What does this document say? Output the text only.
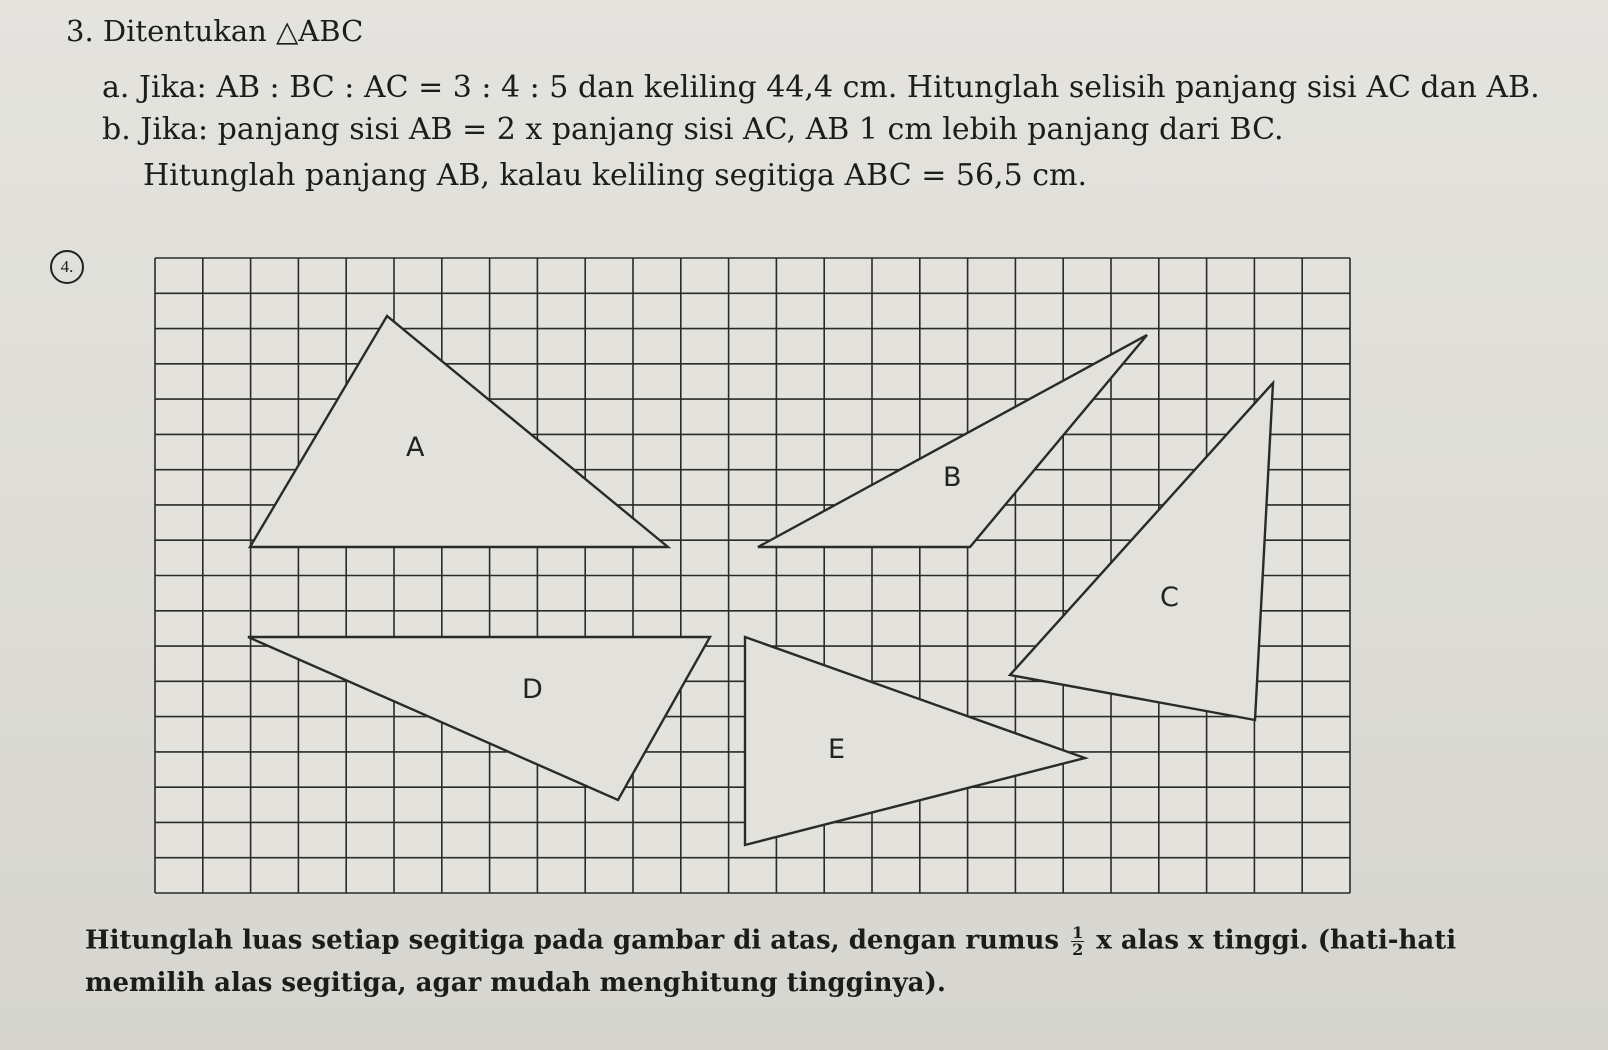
3. Ditentukan △ABC
a. Jika: AB : BC : AC = 3 : 4 : 5 dan keliling 44,4 cm. Hitunglah selisih panjang sisi AC dan AB.
b. Jika: panjang sisi AB = 2 x panjang sisi AC, AB 1 cm lebih panjang dari BC.
Hitunglah panjang AB, kalau keliling segitiga ABC = 56,5 cm.
4.
A
B
C
D
E
Hitunglah luas setiap segitiga pada gambar di atas, dengan rumus $\frac{1}{2}$ x alas x tinggi. (hati-hati
memilih alas segitiga, agar mudah menghitung tingginya).
